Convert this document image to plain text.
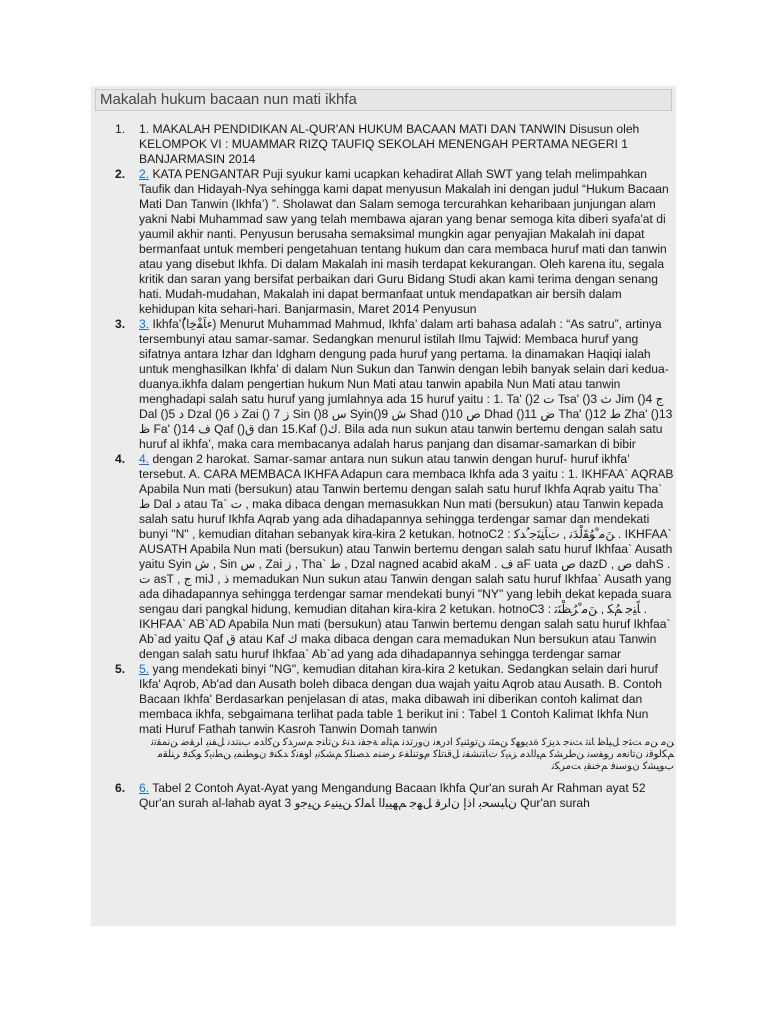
Makalah hukum bacaan nun mati ikhfa
1. 1. MAKALAH PENDIDIKAN AL-QUR'AN HUKUM BACAAN MATI DAN TANWIN Disusun oleh KELOMPOK VI : MUAMMAR RIZQ TAUFIQ SEKOLAH MENENGAH PERTAMA NEGERI 1 BANJARMASIN 2014
2. 2. KATA PENGANTAR Puji syukur kami ucapkan kehadirat Allah SWT yang telah melimpahkan Taufik dan Hidayah-Nya sehingga kami dapat menyusun Makalah ini dengan judul “Hukum Bacaan Mati Dan Tanwin (Ikhfa’) ”. Sholawat dan Salam semoga tercurahkan keharibaan junjungan alam yakni Nabi Muhammad saw yang telah membawa ajaran yang benar semoga kita diberi syafa'at di yaumil akhir nanti. Penyusun berusaha semaksimal mungkin agar penyajian Makalah ini dapat bermanfaat untuk memberi pengetahuan tentang hukum dan cara membaca huruf mati dan tanwin atau yang disebut Ikhfa. Di dalam Makalah ini masih terdapat kekurangan. Oleh karena itu, segala kritik dan saran yang bersifat perbaikan dari Guru Bidang Studi akan kami terima dengan senang hati. Mudah-mudahan, Makalah ini dapat bermanfaat untuk mendapatkan air bersih dalam kehidupan kita sehari-hari. Banjarmasin, Maret 2014 Penyusun
3. 3. Ikhfa’(ٌءﺎَﻔْﺧِا) Menurut Muhammad Mahmud, Ikhfa’ dalam arti bahasa adalah : “As satru”, artinya tersembunyi atau samar-samar. Sedangkan menurul istilah Ilmu Tajwid: Membaca huruf yang sifatnya antara Izhar dan Idgham dengung pada huruf yang pertama. Ia dinamakan Haqiqi ialah untuk menghasilkan Ikhfa’ di dalam Nun Sukun dan Tanwin dengan lebih banyak selain dari kedua-duanya.ikhfa dalam pengertian hukum Nun Mati atau tanwin apabila Nun Mati atau tanwin menghadapi salah satu huruf yang jumlahnya ada 15 huruf yaitu : 1. Ta' ()2 ت Tsa' ()3 ث Jim ()4 ج Dal ()5 د Dzal ()6 ذ Zai () 7 ز Sin ()8 س Syin()9 ش Shad ()10 ص Dhad ()11 ض Tha' ()12 ط Zha' ()13 ظ Fa' ()14 ف Qaf ()ق dan 15.Kaf ()ك. Bila ada nun sukun atau tanwin bertemu dengan salah satu huruf al ikhfa’, maka cara membacanya adalah harus panjang dan disamar-samarkan di bibir
4. 4. dengan 2 harokat. Samar-samar antara nun sukun atau tanwin dengan huruf- huruf ikhfa’ tersebut. A. CARA MEMBACA IKHFA Adapun cara membaca Ikhfa ada 3 yaitu : 1. IKHFAA` AQRAB Apabila Nun mati (bersukun) atau Tanwin bertemu dengan salah satu huruf Ikhfa Aqrab yaitu Tha` ط Dal د atau Ta` ت , maka dibaca dengan memasukkan Nun mati (bersukun) atau Tanwin kepada salah satu huruf Ikhfa Aqrab yang ada dihadapannya sehingga terdengar samar dan mendekati bunyi "N" , kemudian ditahan sebanyak kira-kira 2 ketukan. hotnoC2 : ﻦَﻣ ْﻮُﻘَﻟْﺪَﻧ , ﺕﺎَﻨِﻨَﺟ ُﺪﻛ . IKHFAA` AUSATH Apabila Nun mati (bersukun) atau Tanwin bertemu dengan salah satu huruf Ikhfaa` Ausath yaitu Syin ش , Sin س , Zai ز , Tha` ط , Dzal nagned acabid akaM . ف aF uata ص dazD , ص dahS . ت asT , ج miJ , ذ memadukan Nun sukun atau Tanwin dengan salah satu huruf Ikhfaa` Ausath yang ada dihadapannya sehingga terdengar samar mendekati bunyi "NY" yang lebih dekat kepada suara sengau dari pangkal hidung, kemudian ditahan kira-kira 2 ketukan. hotnoC3 : ﺎًﻨِﺟ ﻢُﻜ , ﻦَﻣ ْﺮُﻈْﻨَﺗ . IKHFAA` AB`AD Apabila Nun mati (bersukun) atau Tanwin bertemu dengan salah satu huruf Ikhfaa` Ab`ad yaitu Qaf ق atau Kaf ك maka dibaca dengan cara memadukan Nun bersukun atau Tanwin dengan salah satu huruf Ihkfaa` Ab`ad yang ada dihadapannya sehingga terdengar samar
5. 5. yang mendekati binyi "NG", kemudian ditahan kira-kira 2 ketukan. Sedangkan selain dari huruf Ikfa' Aqrob, Ab'ad dan Ausath boleh dibaca dengan dua wajah yaitu Aqrob atau Ausath. B. Contoh Bacaan Ikhfa' Berdasarkan penjelasan di atas, maka dibawah ini diberikan contoh kalimat dan membaca ikhfa, sebgaimana terlihat pada table 1 berikut ini : Tabel 1 Contoh Kalimat Ikhfa Nun mati Huruf Fathah tanwin Kasroh Tanwin Domah tanwin
ﻦﻣ ﻦﻣ ﺖﺜﺟ ﻞﻴﻠﻇ ﺎﻨﺗ ﺖﻨﺟ ﺪﻳﺰﻛ ﺓﺪﻳﻮﻬﻛ ﻦﻤﺜﻧ ﻦﺗﻮﺜﻨﻴﻛ ﺍﺩﺭﻌﻧ ﻥﻭﺭﺗﺪﻧ ﻢﺜﻟﻣ ﺔﺟﻔﻧ ﺪﻧﻏ ﻦﺗﺎﻨﺟ ﻢﺳﺭﺪﻛ ﻦﻛﺍﺪﻣ ﺏﻨﺗﺪﻧ ﻞﻔﻨﻳ ﺍﺮﻘﺿ ﻦﻧﻤﻘﺗﻧ ﻢﻜﻟﻮﻗﻧ ﻥﺗﺎﻧﻌﻣ ﺭﻮﻔﺳﻧ ﻦﻃﺮﺸﻛ ﻢﻴﻟﺍﺪﻣ ﺰﻨﻳﻛ ﺕﺎﺘﻧﺸﻔﻧ ﻞﻗﻨﺗﻠﻛ ﻡﻮﺗﻨﻠﻔﻋ ﺮﺿﻨﻣ ﺪﺼﻨﻠﻛ ﻢﺸﻜﻧﻳ ﺍﻮﻔﻧﻛ ﺪﻜﻨﻓ ﻥﻮﻄﻨﻤﻳ ﻦﻄﻧﻳﻛ ﻮﻜﻨﻓ ﺮﻨﻠﻘﻣ ﺏﻮﻴﺸﻛ ﻥﻮﺳﻨﻓ ﻢﺧﻨﻘﻳ ﺖﻣﺮﻜﻧ
6. 6. Tabel 2 Contoh Ayat-Ayat yang Mengandung Bacaan Ikhfa Qur'an surah Ar Rahman ayat 52 Qur'an surah al-lahab ayat 3 ﻥﺎﺒﺴﺤﺑ ﺍﺫﺇ ﻥﺍﺮﻗ ﻞﻬﺟ ﻢﻬﻴﺒﻟﺍ ﺎﻤﻟﻛ ﻦﻴﻨﻴﻋ ﻦﻴﺟﻭ Qur'an surah
